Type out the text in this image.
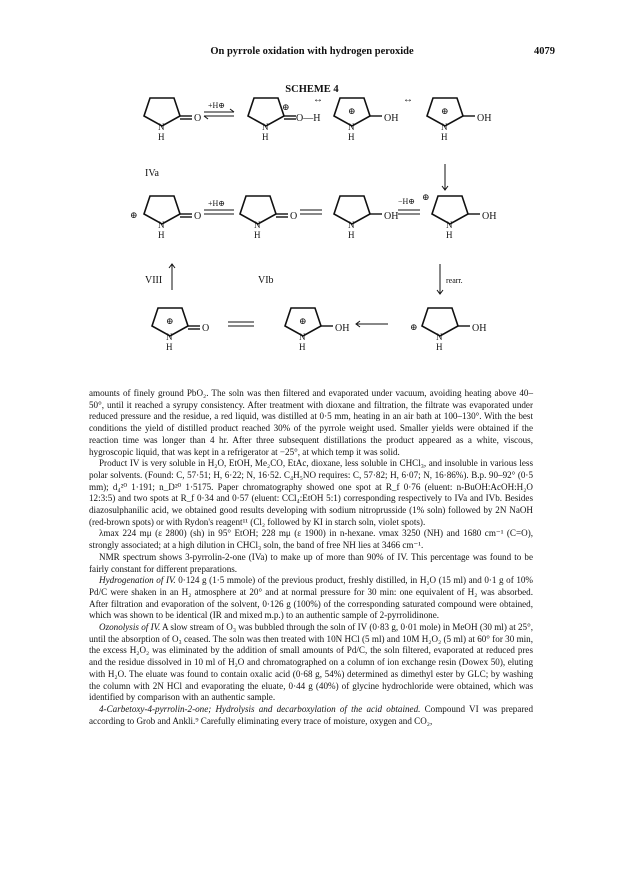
On pyrrole oxidation with hydrogen peroxide	4079
SCHEME 4
O
N
H
+H⊕	⊕
O—H
N
H
↔
OH
⊕
N
H
↔
OH
⊕
N
H
IVa
⊕	O
N
H
+H⊕
O
N
H
OH
N
H
−H⊕
OH
⊕
N
H
VIII	VIb	rearr.
O
⊕
N
H
OH
⊕
N
H
OH
⊕
N
H

amounts of finely ground PbO₂. The soln was then filtered and evaporated under vacuum, avoiding heating above 40–50°, until it reached a syrupy consistency. After treatment with dioxane and filtration, the filtrate was evaporated under reduced pressure and the residue, a red liquid, was distilled at 0·5 mm, heating in an air bath at 100–130°. With the best conditions the yield of distilled product reached 30% of the pyrrole weight used. Smaller yields were obtained if the reaction time was longer than 4 hr. After three subsequent distillations the product appeared as a white, viscous, hygroscopic liquid, that was kept in a refrigerator at −25°, at which temp it was solid.

Product IV is very soluble in H₂O, EtOH, Me₂CO, EtAc, dioxane, less soluble in CHCl₃, and insoluble in various less polar solvents. (Found: C, 57·51; H, 6·22; N, 16·52. C₄H₅NO requires: C, 57·82; H, 6·07; N, 16·86%). B.p. 90–92° (0·5 mm); d₄²⁰ 1·191; n_D²⁰ 1·5175. Paper chromatography showed one spot at R_f 0·76 (eluent: n-BuOH:AcOH:H₂O 12:3:5) and two spots at R_f 0·34 and 0·57 (eluent: CCl₄:EtOH 5:1) corresponding respectively to IVa and IVb. Besides diazosulphanilic acid, we obtained good results developing with sodium nitroprusside (1% soln) followed by 2N NaOH (red-brown spots) or with Rydon's reagent¹¹ (Cl₂ followed by KI in starch soln, violet spots).

λmax 224 mμ (ε 2800) (sh) in 95° EtOH; 228 mμ (ε 1900) in n-hexane. νmax 3250 (NH) and 1680 cm⁻¹ (C=O), strongly associated; at a high dilution in CHCl₃ soln, the band of free NH lies at 3466 cm⁻¹.

NMR spectrum shows 3-pyrrolin-2-one (IVa) to make up of more than 90% of IV. This percentage was found to be fairly constant for different preparations.

Hydrogenation of IV. 0·124 g (1·5 mmole) of the previous product, freshly distilled, in H₂O (15 ml) and 0·1 g of 10% Pd/C were shaken in an H₂ atmosphere at 20° and at normal pressure for 30 min: one equivalent of H₂ was absorbed. After filtration and evaporation of the solvent, 0·126 g (100%) of the corresponding saturated compound were obtained, which was shown to be identical (IR and mixed m.p.) to an authentic sample of 2-pyrrolidinone.

Ozonolysis of IV. A slow stream of O₃ was bubbled through the soln of IV (0·83 g, 0·01 mole) in MeOH (30 ml) at 25°, until the absorption of O₃ ceased. The soln was then treated with 10N HCl (5 ml) and 10M H₂O₂ (5 ml) at 60° for 30 min, the excess H₂O₂ was eliminated by the addition of small amounts of Pd/C, the soln filtered, evaporated at reduced pres and the residue dissolved in 10 ml of H₂O and chromatographed on a column of ion exchange resin (Dowex 50), eluting with H₂O. The eluate was found to contain oxalic acid (0·68 g, 54%) determined as dimethyl ester by GLC; by washing the column with 2N HCl and evaporating the eluate, 0·44 g (40%) of glycine hydrochloride were obtained, which was identified by comparison with an authentic sample.

4-Carbetoxy-4-pyrrolin-2-one; Hydrolysis and decarboxylation of the acid obtained. Compound VI was prepared according to Grob and Ankli.⁹ Carefully eliminating every trace of moisture, oxygen and CO₂,
